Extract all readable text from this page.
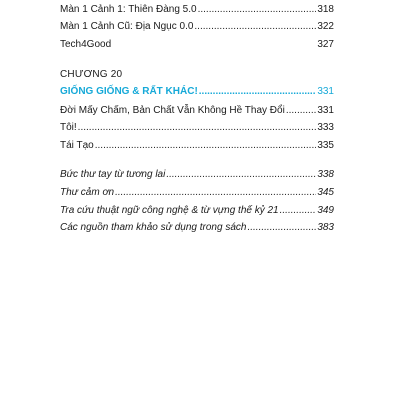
Màn 1 Cảnh 1: Thiên Đàng 5.0 .....	318
Màn 1 Cảnh Cũ: Địa Ngục 0.0 .....	322
Tech4Good	327
CHƯƠNG 20
GIỐNG GIỐNG & RẤT KHÁC! .....	331
Đời Mấy Chấm, Bản Chất Vẫn Không Hề Thay Đổi .....	331
Tôi! .....	333
Tái Tạo .....	335
Bức thư tay từ tương lai .....	338
Thư cảm ơn .....	345
Tra cứu thuật ngữ công nghệ & từ vựng thế kỷ 21 .....	349
Các nguồn tham khảo sử dụng trong sách .....	383
